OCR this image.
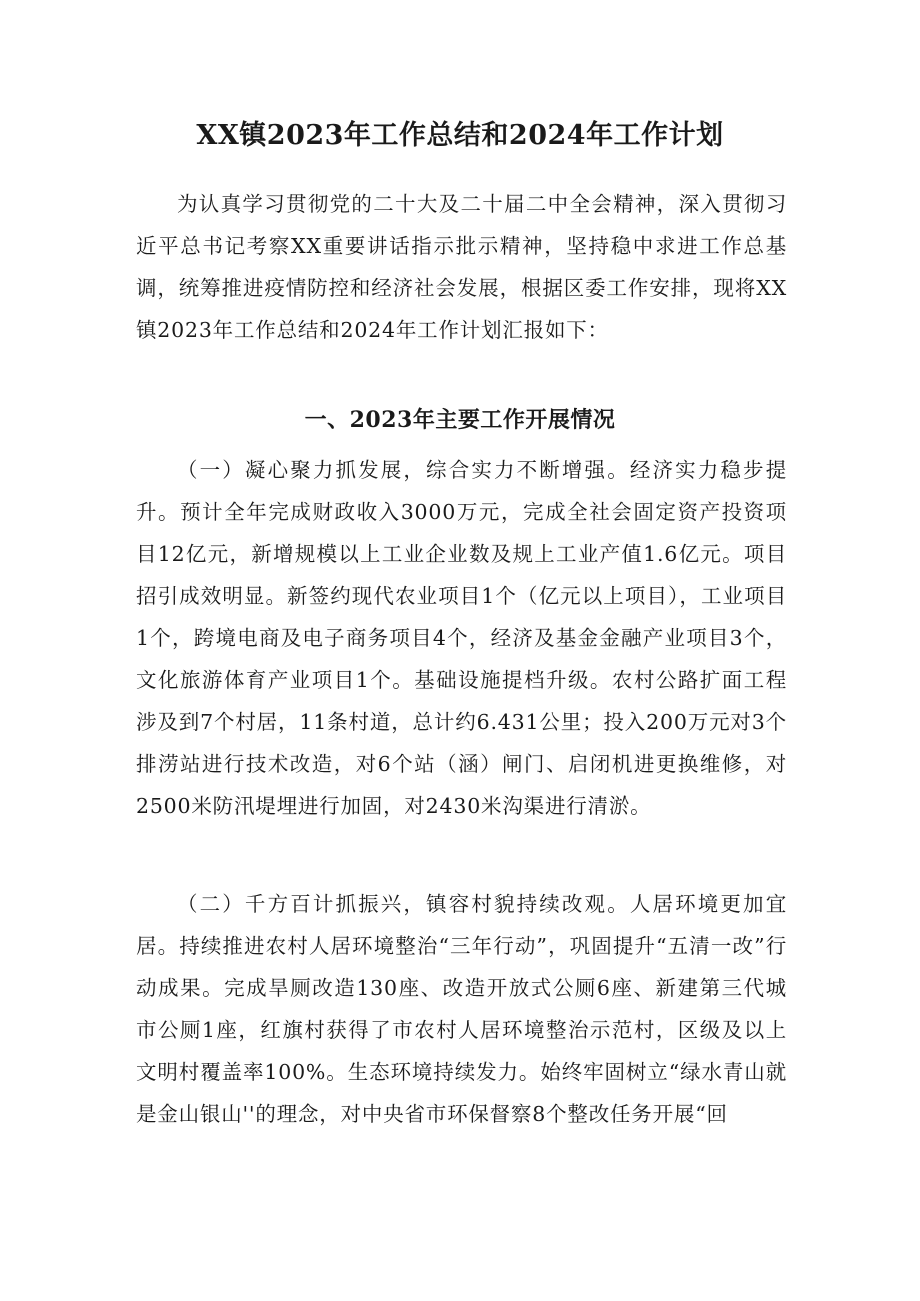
XX镇2023年工作总结和2024年工作计划

为认真学习贯彻党的二十大及二十届二中全会精神，深入贯彻习近平总书记考察XX重要讲话指示批示精神，坚持稳中求进工作总基调，统筹推进疫情防控和经济社会发展，根据区委工作安排，现将XX镇2023年工作总结和2024年工作计划汇报如下：

一、2023年主要工作开展情况

（一）凝心聚力抓发展，综合实力不断增强。经济实力稳步提升。预计全年完成财政收入3000万元，完成全社会固定资产投资项目12亿元，新增规模以上工业企业数及规上工业产值1.6亿元。项目招引成效明显。新签约现代农业项目1个（亿元以上项目），工业项目1个，跨境电商及电子商务项目4个，经济及基金金融产业项目3个，文化旅游体育产业项目1个。基础设施提档升级。农村公路扩面工程涉及到7个村居，11条村道，总计约6.431公里；投入200万元对3个排涝站进行技术改造，对6个站（涵）闸门、启闭机进更换维修，对2500米防汛堤埋进行加固，对2430米沟渠进行清淤。

（二）千方百计抓振兴，镇容村貌持续改观。人居环境更加宜居。持续推进农村人居环境整治“三年行动”，巩固提升“五清一改”行动成果。完成旱厕改造130座、改造开放式公厕6座、新建第三代城市公厕1座，红旗村获得了市农村人居环境整治示范村，区级及以上文明村覆盖率100%。生态环境持续发力。始终牢固树立“绿水青山就是金山银山''的理念，对中央省市环保督察8个整改任务开展“回
